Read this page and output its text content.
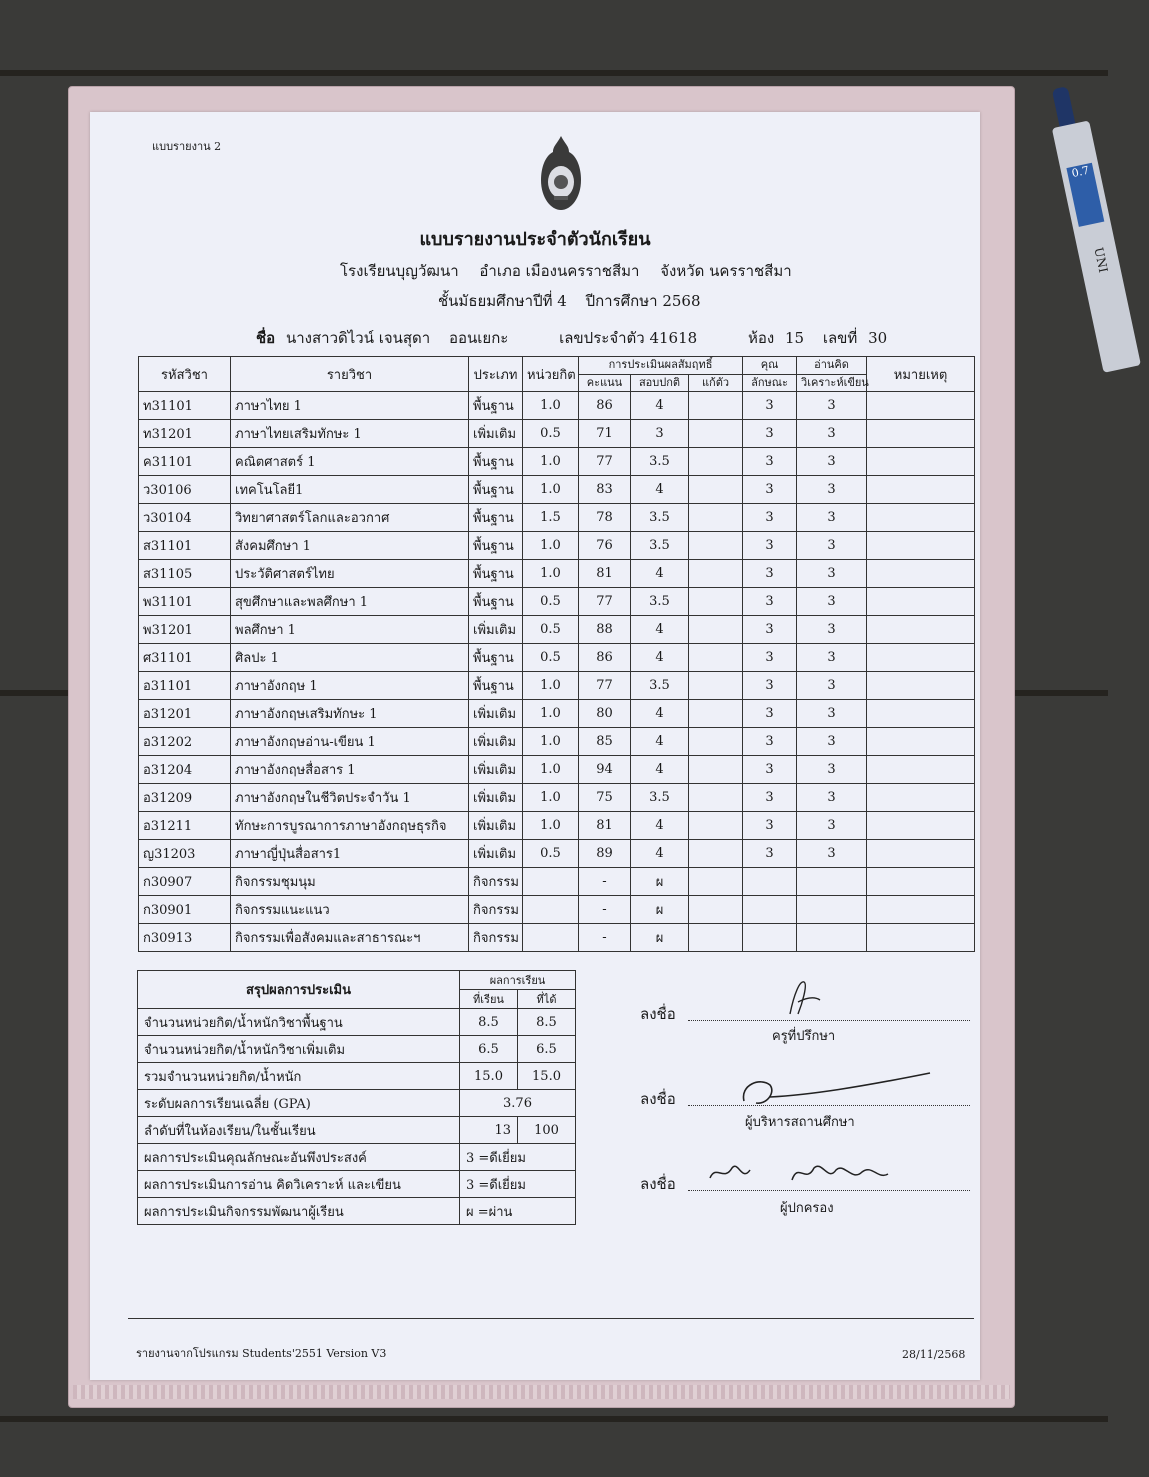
0.7
UNI
แบบรายงาน 2
แบบรายงานประจำตัวนักเรียน
โรงเรียนบุญวัฒนา อำเภอ เมืองนครราชสีมา จังหวัด นครราชสีมา
ชั้นมัธยมศึกษาปีที่ 4 ปีการศึกษา 2568
ชื่อ นางสาวดิไวน์ เจนสุดา ออนเยกะ	เลขประจำตัว 41618	ห้อง 15 เลขที่ 30
รหัสวิชา	รายวิชา	ประเภท	หน่วยกิต	การประเมินผลสัมฤทธิ์			คุณ	อ่านคิด	หมายเหตุ
				คะแนน	สอบปกติ	แก้ตัว	ลักษณะ	วิเคราะห์เขียน	
ท31101	ภาษาไทย 1	พื้นฐาน	1.0	86	4		3	3	
ท31201	ภาษาไทยเสริมทักษะ 1	เพิ่มเติม	0.5	71	3		3	3	
ค31101	คณิตศาสตร์ 1	พื้นฐาน	1.0	77	3.5		3	3	
ว30106	เทคโนโลยี1	พื้นฐาน	1.0	83	4		3	3	
ว30104	วิทยาศาสตร์โลกและอวกาศ	พื้นฐาน	1.5	78	3.5		3	3	
ส31101	สังคมศึกษา 1	พื้นฐาน	1.0	76	3.5		3	3	
ส31105	ประวัติศาสตร์ไทย	พื้นฐาน	1.0	81	4		3	3	
พ31101	สุขศึกษาและพลศึกษา 1	พื้นฐาน	0.5	77	3.5		3	3	
พ31201	พลศึกษา 1	เพิ่มเติม	0.5	88	4		3	3	
ศ31101	ศิลปะ 1	พื้นฐาน	0.5	86	4		3	3	
อ31101	ภาษาอังกฤษ 1	พื้นฐาน	1.0	77	3.5		3	3	
อ31201	ภาษาอังกฤษเสริมทักษะ 1	เพิ่มเติม	1.0	80	4		3	3	
อ31202	ภาษาอังกฤษอ่าน-เขียน 1	เพิ่มเติม	1.0	85	4		3	3	
อ31204	ภาษาอังกฤษสื่อสาร 1	เพิ่มเติม	1.0	94	4		3	3	
อ31209	ภาษาอังกฤษในชีวิตประจำวัน 1	เพิ่มเติม	1.0	75	3.5		3	3	
อ31211	ทักษะการบูรณาการภาษาอังกฤษธุรกิจ	เพิ่มเติม	1.0	81	4		3	3	
ญ31203	ภาษาญี่ปุ่นสื่อสาร1	เพิ่มเติม	0.5	89	4		3	3	
ก30907	กิจกรรมชุมนุม	กิจกรรม		-	ผ				
ก30901	กิจกรรมแนะแนว	กิจกรรม		-	ผ				
ก30913	กิจกรรมเพื่อสังคมและสาธารณะฯ	กิจกรรม		-	ผ				
สรุปผลการประเมิน	ผลการเรียน	
	ที่เรียน	ที่ได้
จำนวนหน่วยกิต/น้ำหนักวิชาพื้นฐาน	8.5	8.5
จำนวนหน่วยกิต/น้ำหนักวิชาเพิ่มเติม	6.5	6.5
รวมจำนวนหน่วยกิต/น้ำหนัก	15.0	15.0
ระดับผลการเรียนเฉลี่ย (GPA)	3.76	
ลำดับที่ในห้องเรียน/ในชั้นเรียน	13	100
ผลการประเมินคุณลักษณะอันพึงประสงค์	3 =ดีเยี่ยม	
ผลการประเมินการอ่าน คิดวิเคราะห์ และเขียน	3 =ดีเยี่ยม	
ผลการประเมินกิจกรรมพัฒนาผู้เรียน	ผ =ผ่าน	
ลงชื่อ
ครูที่ปรึกษา
ลงชื่อ
ผู้บริหารสถานศึกษา
ลงชื่อ
ผู้ปกครอง
รายงานจากโปรแกรม Students'2551 Version V3	28/11/2568
